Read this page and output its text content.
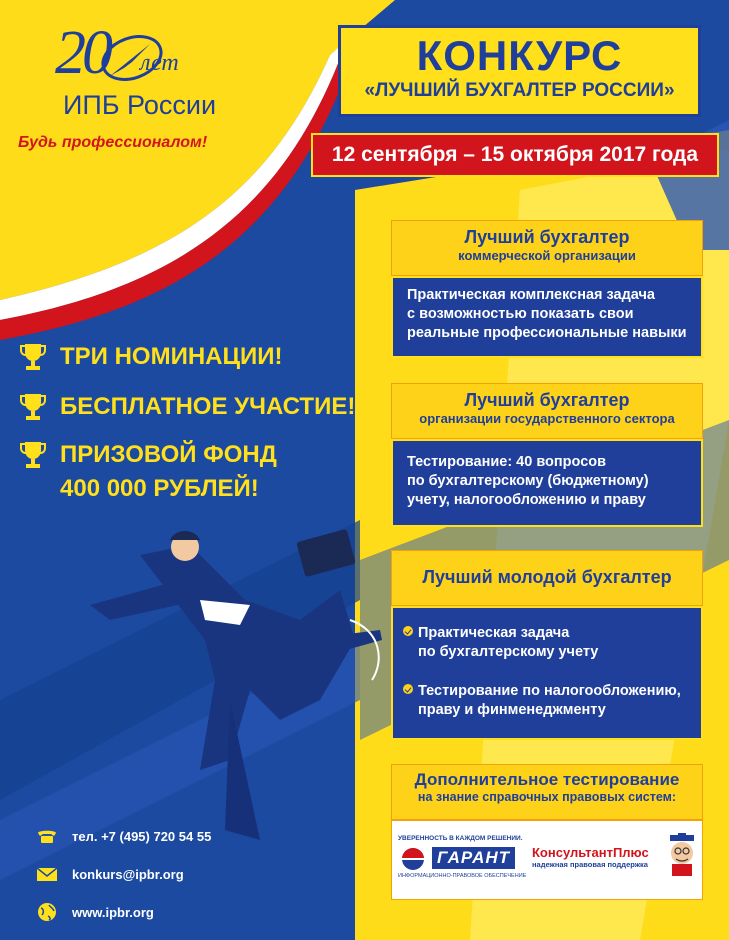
20 лет
ИПБ России
Будь профессионалом!
КОНКУРС
«ЛУЧШИЙ БУХГАЛТЕР РОССИИ»
12 сентября – 15 октября 2017 года
ТРИ НОМИНАЦИИ!
БЕСПЛАТНОЕ УЧАСТИЕ!
ПРИЗОВОЙ ФОНД
400 000 РУБЛЕЙ!
Лучший бухгалтер
коммерческой организации
Практическая комплексная задача
с возможностью показать свои
реальные профессиональные навыки
Лучший бухгалтер
организации государственного сектора
Тестирование: 40 вопросов
по бухгалтерскому (бюджетному)
учету, налогообложению и праву
Лучший молодой бухгалтер
Практическая задача
по бухгалтерскому учету
Тестирование по налогообложению,
праву и финменеджменту
Дополнительное тестирование
на знание справочных правовых систем:
УВЕРЕННОСТЬ В КАЖДОМ РЕШЕНИИ.
ГАРАНТ
ИНФОРМАЦИОННО-ПРАВОВОЕ ОБЕСПЕЧЕНИЕ
КонсультантПлюс
надежная правовая поддержка
тел. +7 (495) 720 54 55
konkurs@ipbr.org
www.ipbr.org
